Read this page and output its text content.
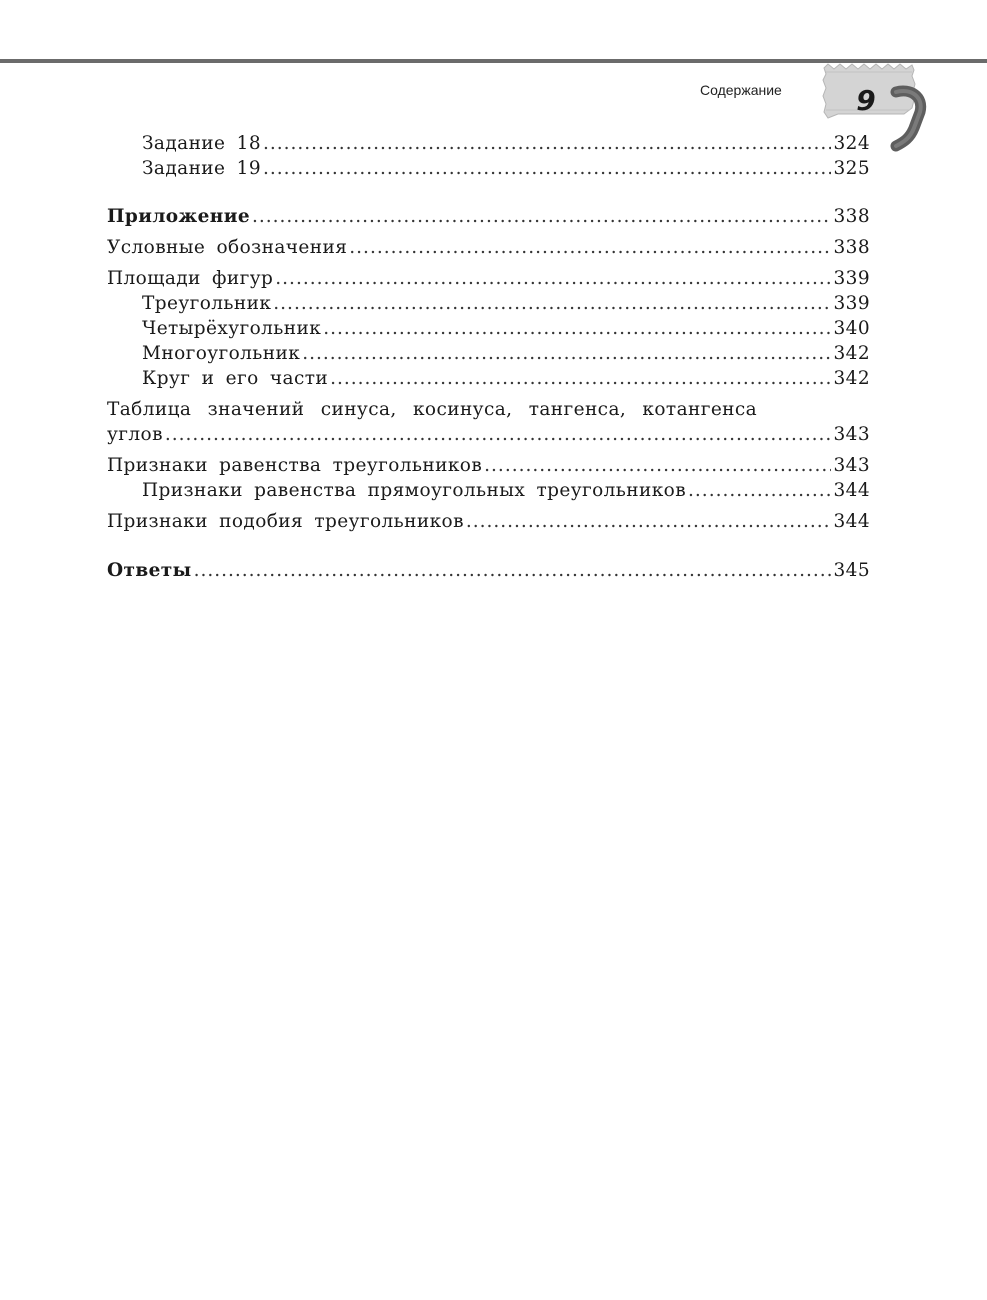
Содержание	9
Задание 18 .....	324
Задание 19 .....	325
Приложение .....	338
Условные обозначения .....	338
Площади фигур .....	339
Треугольник .....	339
Четырёхугольник .....	340
Многоугольник .....	342
Круг и его части .....	342
Таблица значений синуса, косинуса, тангенса, котангенса
углов .....	343
Признаки равенства треугольников .....	343
Признаки равенства прямоугольных треугольников .....	344
Признаки подобия треугольников .....	344
Ответы .....	345
